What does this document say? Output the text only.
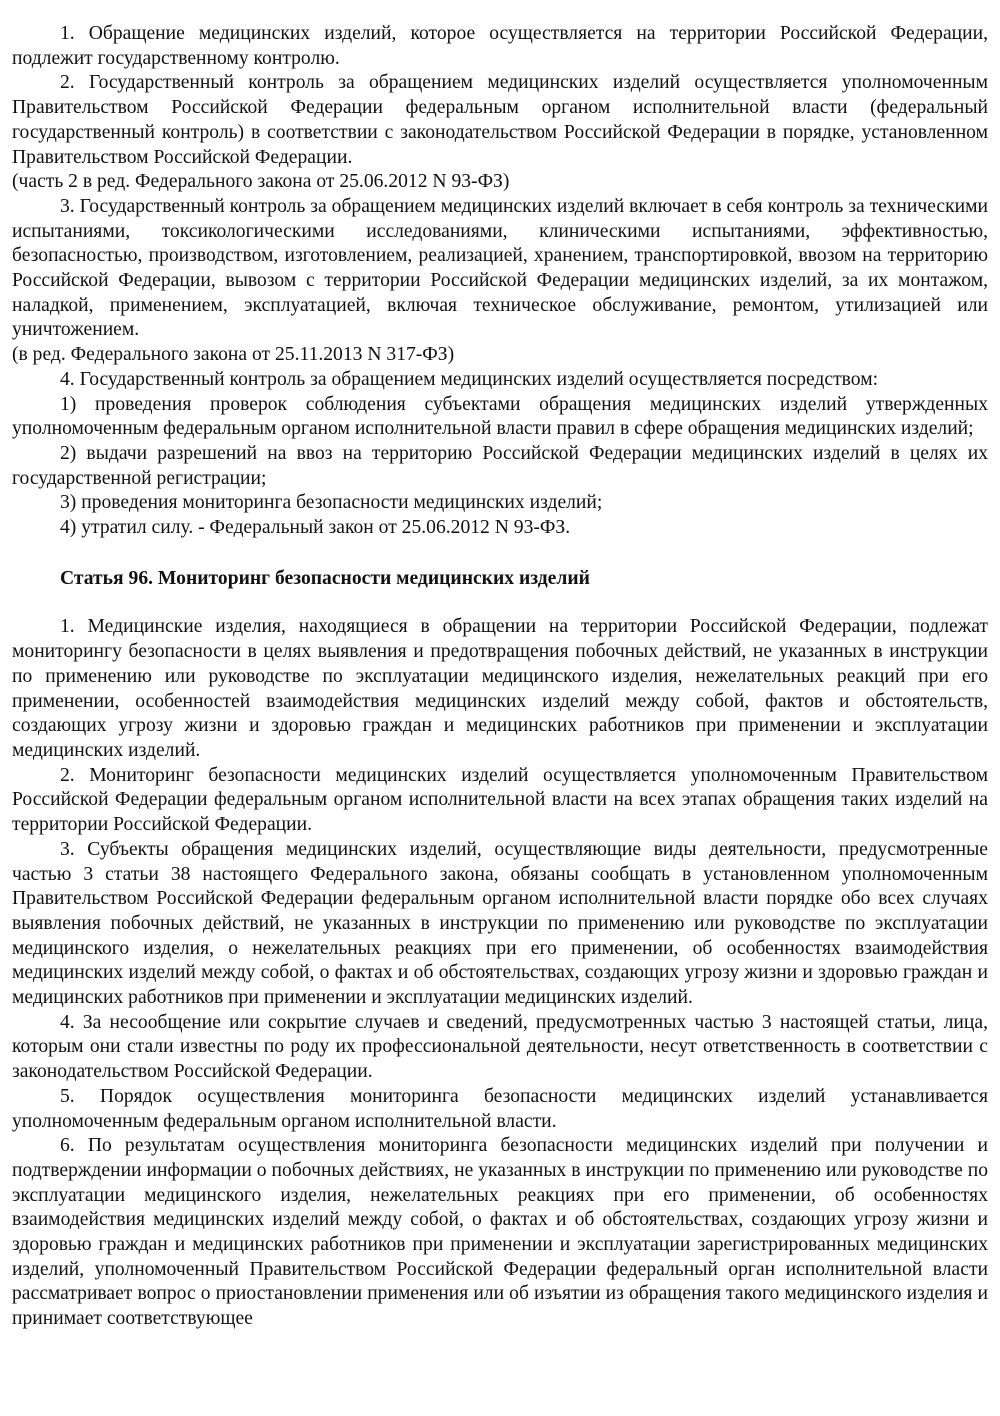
1. Обращение медицинских изделий, которое осуществляется на территории Российской Федерации, подлежит государственному контролю.

2. Государственный контроль за обращением медицинских изделий осуществляется уполномоченным Правительством Российской Федерации федеральным органом исполнительной власти (федеральный государственный контроль) в соответствии с законодательством Российской Федерации в порядке, установленном Правительством Российской Федерации.

(часть 2 в ред. Федерального закона от 25.06.2012 N 93-ФЗ)

3. Государственный контроль за обращением медицинских изделий включает в себя контроль за техническими испытаниями, токсикологическими исследованиями, клиническими испытаниями, эффективностью, безопасностью, производством, изготовлением, реализацией, хранением, транспортировкой, ввозом на территорию Российской Федерации, вывозом с территории Российской Федерации медицинских изделий, за их монтажом, наладкой, применением, эксплуатацией, включая техническое обслуживание, ремонтом, утилизацией или уничтожением.

(в ред. Федерального закона от 25.11.2013 N 317-ФЗ)

4. Государственный контроль за обращением медицинских изделий осуществляется посредством:

1) проведения проверок соблюдения субъектами обращения медицинских изделий утвержденных уполномоченным федеральным органом исполнительной власти правил в сфере обращения медицинских изделий;

2) выдачи разрешений на ввоз на территорию Российской Федерации медицинских изделий в целях их государственной регистрации;

3) проведения мониторинга безопасности медицинских изделий;

4) утратил силу. - Федеральный закон от 25.06.2012 N 93-ФЗ.

Статья 96. Мониторинг безопасности медицинских изделий

1. Медицинские изделия, находящиеся в обращении на территории Российской Федерации, подлежат мониторингу безопасности в целях выявления и предотвращения побочных действий, не указанных в инструкции по применению или руководстве по эксплуатации медицинского изделия, нежелательных реакций при его применении, особенностей взаимодействия медицинских изделий между собой, фактов и обстоятельств, создающих угрозу жизни и здоровью граждан и медицинских работников при применении и эксплуатации медицинских изделий.

2. Мониторинг безопасности медицинских изделий осуществляется уполномоченным Правительством Российской Федерации федеральным органом исполнительной власти на всех этапах обращения таких изделий на территории Российской Федерации.

3. Субъекты обращения медицинских изделий, осуществляющие виды деятельности, предусмотренные частью 3 статьи 38 настоящего Федерального закона, обязаны сообщать в установленном уполномоченным Правительством Российской Федерации федеральным органом исполнительной власти порядке обо всех случаях выявления побочных действий, не указанных в инструкции по применению или руководстве по эксплуатации медицинского изделия, о нежелательных реакциях при его применении, об особенностях взаимодействия медицинских изделий между собой, о фактах и об обстоятельствах, создающих угрозу жизни и здоровью граждан и медицинских работников при применении и эксплуатации медицинских изделий.

4. За несообщение или сокрытие случаев и сведений, предусмотренных частью 3 настоящей статьи, лица, которым они стали известны по роду их профессиональной деятельности, несут ответственность в соответствии с законодательством Российской Федерации.

5. Порядок осуществления мониторинга безопасности медицинских изделий устанавливается уполномоченным федеральным органом исполнительной власти.

6. По результатам осуществления мониторинга безопасности медицинских изделий при получении и подтверждении информации о побочных действиях, не указанных в инструкции по применению или руководстве по эксплуатации медицинского изделия, нежелательных реакциях при его применении, об особенностях взаимодействия медицинских изделий между собой, о фактах и об обстоятельствах, создающих угрозу жизни и здоровью граждан и медицинских работников при применении и эксплуатации зарегистрированных медицинских изделий, уполномоченный Правительством Российской Федерации федеральный орган исполнительной власти рассматривает вопрос о приостановлении применения или об изъятии из обращения такого медицинского изделия и принимает соответствующее
